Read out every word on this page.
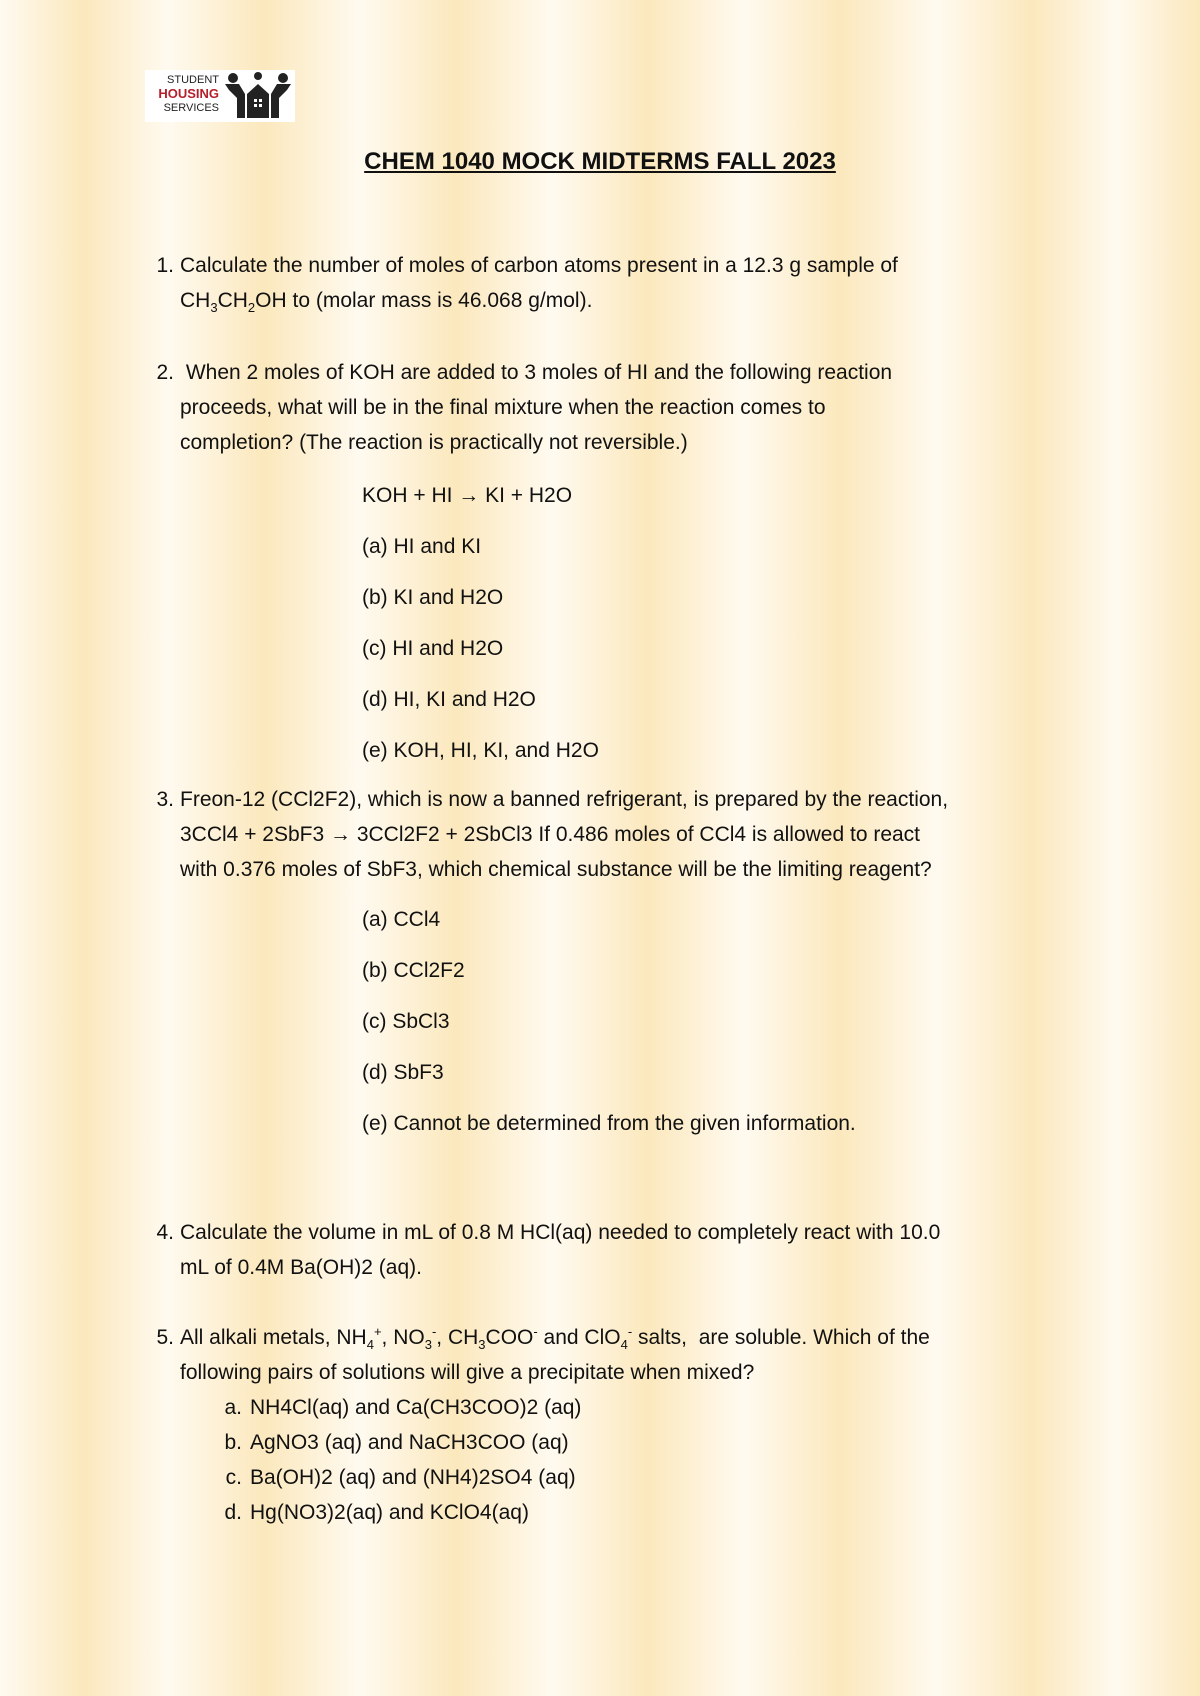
STUDENT
HOUSING
SERVICES
CHEM 1040 MOCK MIDTERMS FALL 2023
1. Calculate the number of moles of carbon atoms present in a 12.3 g sample of
$CH_3CH_2OH$ to (molar mass is 46.068 g/mol).
2. When 2 moles of KOH are added to 3 moles of HI and the following reaction
proceeds, what will be in the final mixture when the reaction comes to
completion? (The reaction is practically not reversible.)
KOH + HI → KI + H2O
(a) HI and KI
(b) KI and H2O
(c) HI and H2O
(d) HI, KI and H2O
(e) KOH, HI, KI, and H2O
3. Freon-12 (CCl2F2), which is now a banned refrigerant, is prepared by the reaction,
3CCl4 + 2SbF3 → 3CCl2F2 + 2SbCl3 If 0.486 moles of CCl4 is allowed to react
with 0.376 moles of SbF3, which chemical substance will be the limiting reagent?
(a) CCl4
(b) CCl2F2
(c) SbCl3
(d) SbF3
(e) Cannot be determined from the given information.
4. Calculate the volume in mL of 0.8 M HCl(aq) needed to completely react with 10.0
mL of 0.4M Ba(OH)2 (aq).
5. All alkali metals, $NH_4^+$, $NO_3^-$, $CH_3COO^-$ and ClO$_4$- salts,  are soluble. Which of the
following pairs of solutions will give a precipitate when mixed?
a. NH4Cl(aq) and Ca(CH3COO)2 (aq)
b. AgNO3 (aq) and NaCH3COO (aq)
c. Ba(OH)2 (aq) and (NH4)2SO4 (aq)
d. Hg(NO3)2(aq) and KClO4(aq)
